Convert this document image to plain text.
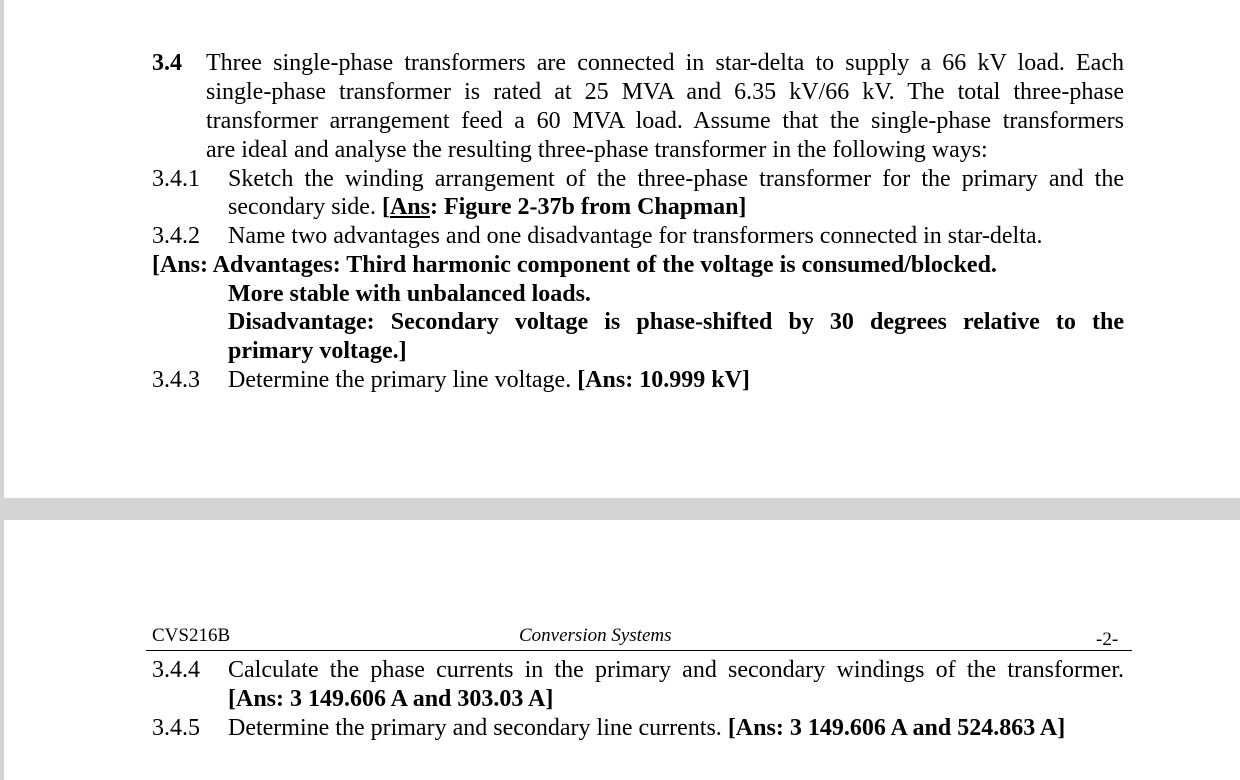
3.4 Three single-phase transformers are connected in star-delta to supply a 66 kV load. Each
single-phase transformer is rated at 25 MVA and 6.35 kV/66 kV. The total three-phase
transformer arrangement feed a 60 MVA load. Assume that the single-phase transformers
are ideal and analyse the resulting three-phase transformer in the following ways:
3.4.1 Sketch the winding arrangement of the three-phase transformer for the primary and the
secondary side. [Ans: Figure 2-37b from Chapman]
3.4.2 Name two advantages and one disadvantage for transformers connected in star-delta.
[Ans: Advantages: Third harmonic component of the voltage is consumed/blocked.
More stable with unbalanced loads.
Disadvantage: Secondary voltage is phase-shifted by 30 degrees relative to the
primary voltage.]
3.4.3 Determine the primary line voltage. [Ans: 10.999 kV]
CVS216B	Conversion Systems	-2-
3.4.4 Calculate the phase currents in the primary and secondary windings of the transformer.
[Ans: 3 149.606 A and 303.03 A]
3.4.5 Determine the primary and secondary line currents. [Ans: 3 149.606 A and 524.863 A]
